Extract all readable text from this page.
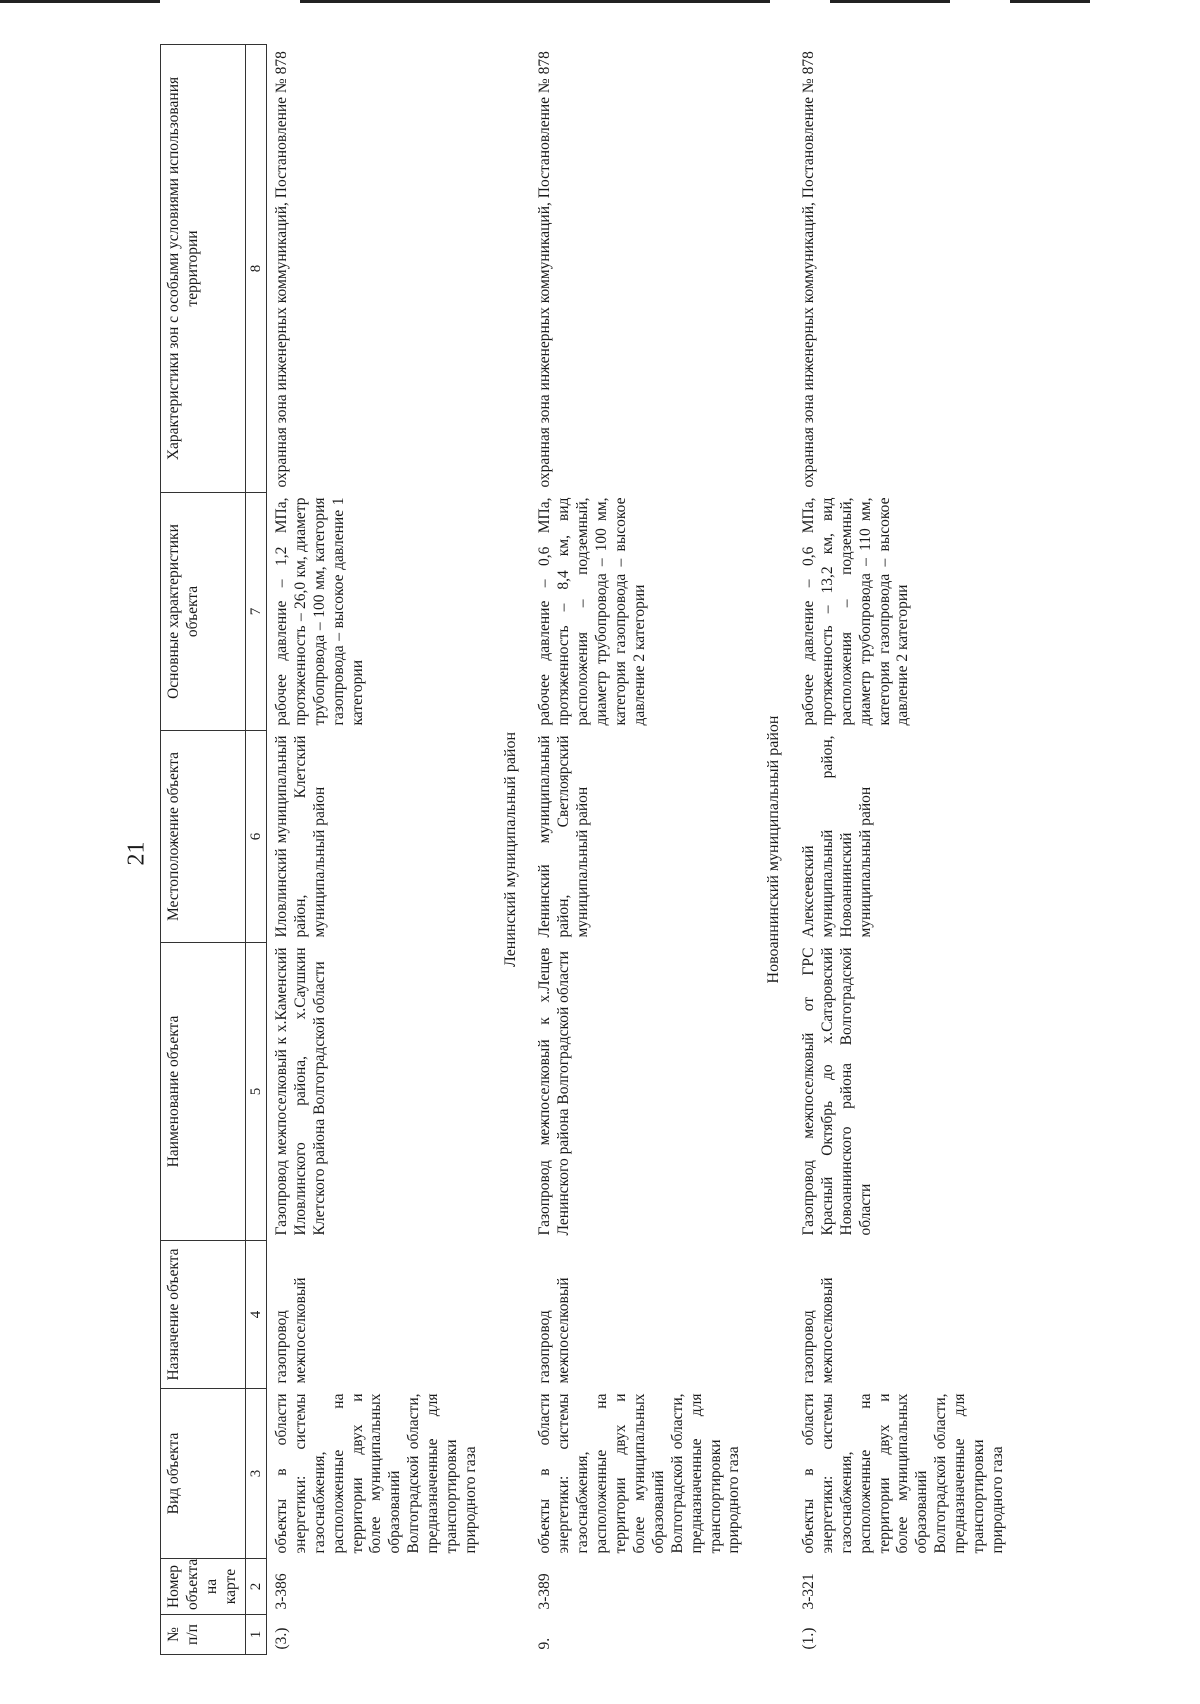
21
№ п/п	Номер объекта на карте	Вид объекта	Назначение объекта	Наименование объекта	Местоположение объекта	Основные характеристики объекта	Характеристики зон с особыми условиями использования территории
1	2	3	4	5	6	7	8
(3.)	3-386	объекты в области энергетики: системы газоснабжения, расположенные на территории двух и более муниципальных образований Волгоградской области, предназначенные для транспортировки природного газа	газопровод межпоселковый	Газопровод межпоселковый к х.Каменский Иловлинского района, х.Саушкин Клетского района Волгоградской области	Иловлинский муниципальный район, Клетский муниципальный район	рабочее давление – 1,2 МПа, протяженность – 26,0 км, диаметр трубопровода – 100 мм, категория газопровода – высокое давление 1 категории	охранная зона инженерных коммуникаций, Постановление № 878
Ленинский муниципальный район							
9.	3-389	объекты в области энергетики: системы газоснабжения, расположенные на территории двух и более муниципальных образований Волгоградской области, предназначенные для транспортировки природного газа	газопровод межпоселковый	Газопровод межпоселковый к х.Лещев Ленинского района Волгоградской области	Ленинский муниципальный район, Светлоярский муниципальный район	рабочее давление – 0,6 МПа, протяженность – 8,4 км, вид расположения – подземный, диаметр трубопровода – 100 мм, категория газопровода – высокое давление 2 категории	охранная зона инженерных коммуникаций, Постановление № 878
Новоаннинский муниципальный район							
(1.)	3-321	объекты в области энергетики: системы газоснабжения, расположенные на территории двух и более муниципальных образований Волгоградской области, предназначенные для транспортировки природного газа	газопровод межпоселковый	Газопровод межпоселковый от ГРС Красный Октябрь до х.Сатаровский Новоаннинского района Волгоградской области	Алексеевский муниципальный район, Новоаннинский муниципальный район	рабочее давление – 0,6 МПа, протяженность – 13,2 км, вид расположения – подземный, диаметр трубопровода – 110 мм, категория газопровода – высокое давление 2 категории	охранная зона инженерных коммуникаций, Постановление № 878
